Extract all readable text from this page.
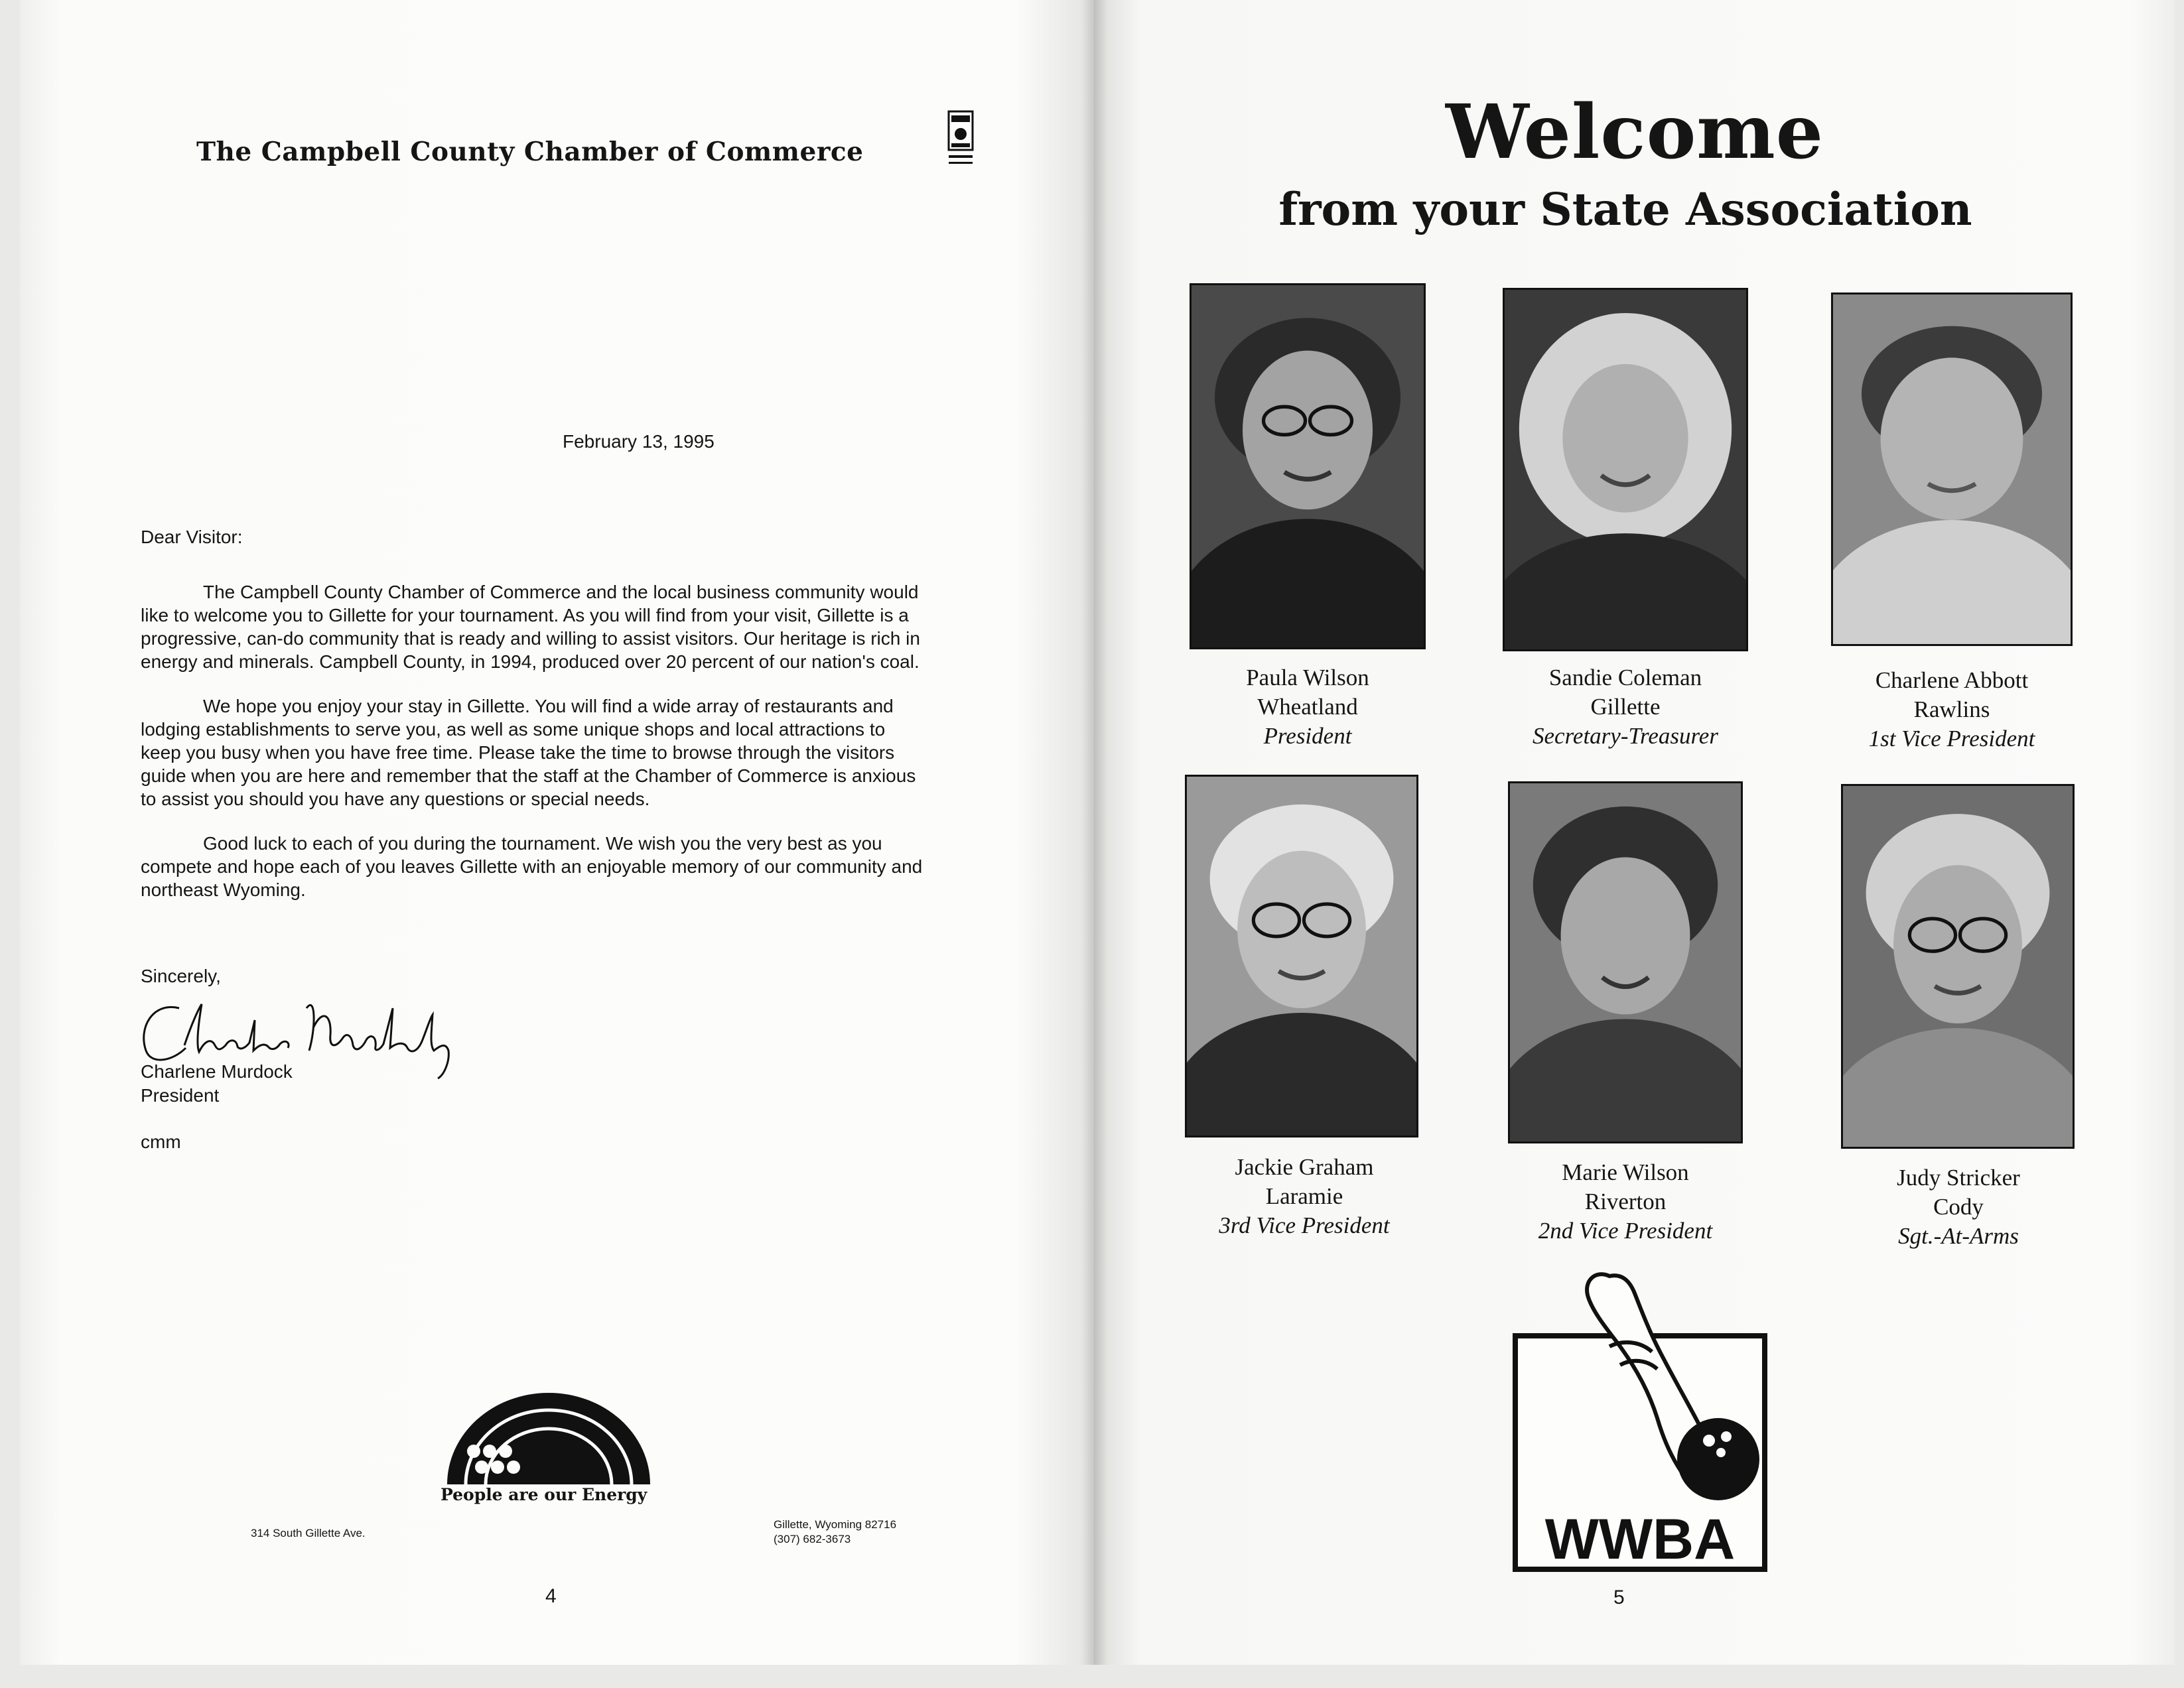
The Campbell County Chamber of Commerce
February 13, 1995
Dear Visitor:
The Campbell County Chamber of Commerce and the local business community would like to welcome you to Gillette for your tournament. As you will find from your visit, Gillette is a progressive, can-do community that is ready and willing to assist visitors. Our heritage is rich in energy and minerals. Campbell County, in 1994, produced over 20 percent of our nation's coal.
We hope you enjoy your stay in Gillette. You will find a wide array of restaurants and lodging establishments to serve you, as well as some unique shops and local attractions to keep you busy when you have free time. Please take the time to browse through the visitors guide when you are here and remember that the staff at the Chamber of Commerce is anxious to assist you should you have any questions or special needs.
Good luck to each of you during the tournament. We wish you the very best as you compete and hope each of you leaves Gillette with an enjoyable memory of our community and northeast Wyoming.
Sincerely,
Charlene Murdock
President
cmm
People are our Energy
314 South Gillette Ave.
Gillette, Wyoming 82716
(307) 682-3673
4
Welcome
from your State Association
Paula Wilson
Wheatland
President
Sandie Coleman
Gillette
Secretary-Treasurer
Charlene Abbott
Rawlins
1st Vice President
Jackie Graham
Laramie
3rd Vice President
Marie Wilson
Riverton
2nd Vice President
Judy Stricker
Cody
Sgt.-At-Arms
WWBA
5
